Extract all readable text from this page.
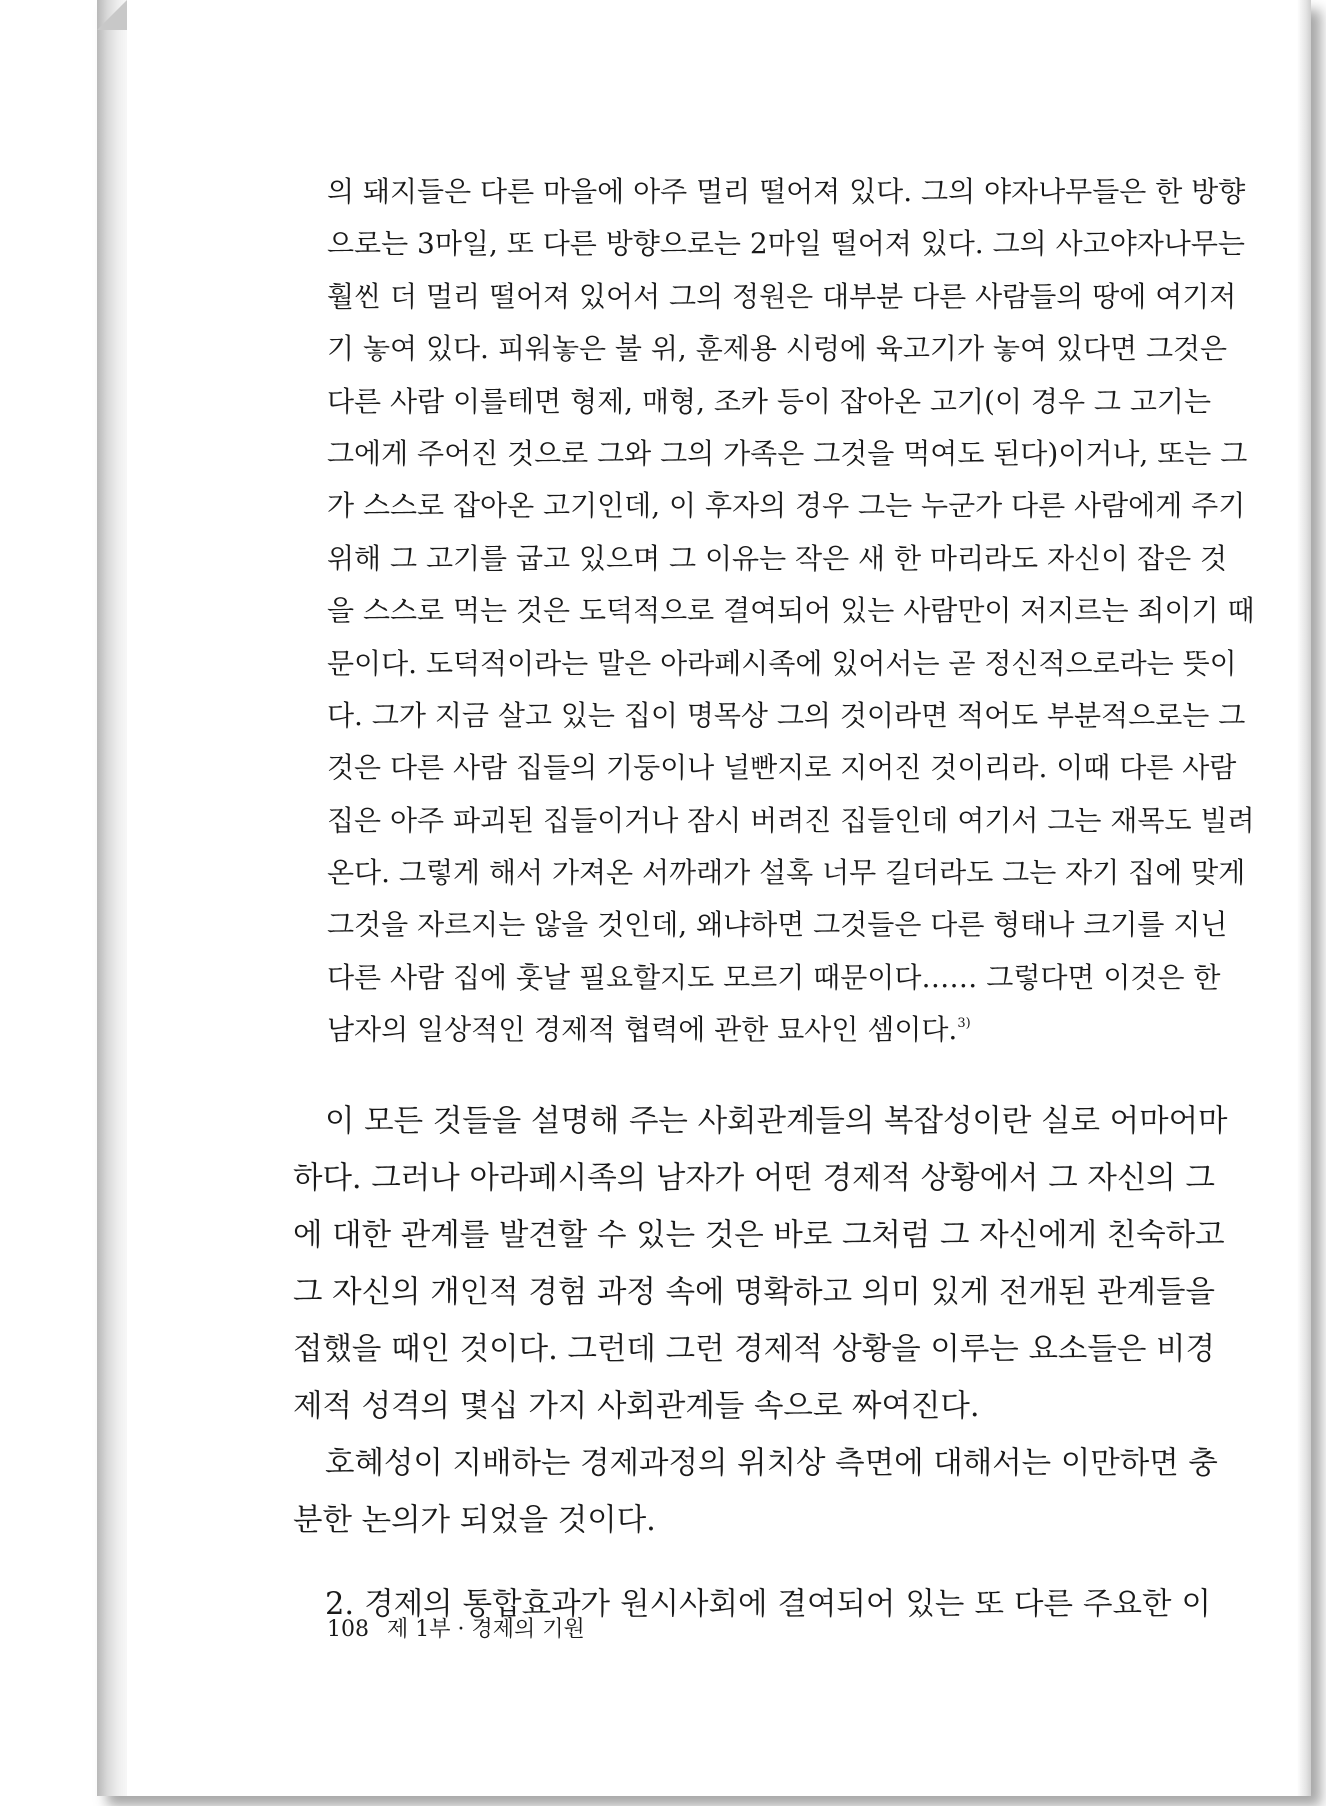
의 돼지들은 다른 마을에 아주 멀리 떨어져 있다. 그의 야자나무들은 한 방향
으로는 3마일, 또 다른 방향으로는 2마일 떨어져 있다. 그의 사고야자나무는
훨씬 더 멀리 떨어져 있어서 그의 정원은 대부분 다른 사람들의 땅에 여기저
기 놓여 있다. 피워놓은 불 위, 훈제용 시렁에 육고기가 놓여 있다면 그것은
다른 사람 이를테면 형제, 매형, 조카 등이 잡아온 고기(이 경우 그 고기는
그에게 주어진 것으로 그와 그의 가족은 그것을 먹여도 된다)이거나, 또는 그
가 스스로 잡아온 고기인데, 이 후자의 경우 그는 누군가 다른 사람에게 주기
위해 그 고기를 굽고 있으며 그 이유는 작은 새 한 마리라도 자신이 잡은 것
을 스스로 먹는 것은 도덕적으로 결여되어 있는 사람만이 저지르는 죄이기 때
문이다. 도덕적이라는 말은 아라페시족에 있어서는 곧 정신적으로라는 뜻이
다. 그가 지금 살고 있는 집이 명목상 그의 것이라면 적어도 부분적으로는 그
것은 다른 사람 집들의 기둥이나 널빤지로 지어진 것이리라. 이때 다른 사람
집은 아주 파괴된 집들이거나 잠시 버려진 집들인데 여기서 그는 재목도 빌려
온다. 그렇게 해서 가져온 서까래가 설혹 너무 길더라도 그는 자기 집에 맞게
그것을 자르지는 않을 것인데, 왜냐하면 그것들은 다른 형태나 크기를 지닌
다른 사람 집에 훗날 필요할지도 모르기 때문이다…… 그렇다면 이것은 한
남자의 일상적인 경제적 협력에 관한 묘사인 셈이다.$^{3)}$
이 모든 것들을 설명해 주는 사회관계들의 복잡성이란 실로 어마어마
하다. 그러나 아라페시족의 남자가 어떤 경제적 상황에서 그 자신의 그
에 대한 관계를 발견할 수 있는 것은 바로 그처럼 그 자신에게 친숙하고
그 자신의 개인적 경험 과정 속에 명확하고 의미 있게 전개된 관계들을
접했을 때인 것이다. 그런데 그런 경제적 상황을 이루는 요소들은 비경
제적 성격의 몇십 가지 사회관계들 속으로 짜여진다.
호혜성이 지배하는 경제과정의 위치상 측면에 대해서는 이만하면 충
분한 논의가 되었을 것이다.
2. 경제의 통합효과가 원시사회에 결여되어 있는 또 다른 주요한 이
108 제 1부 · 경제의 기원
